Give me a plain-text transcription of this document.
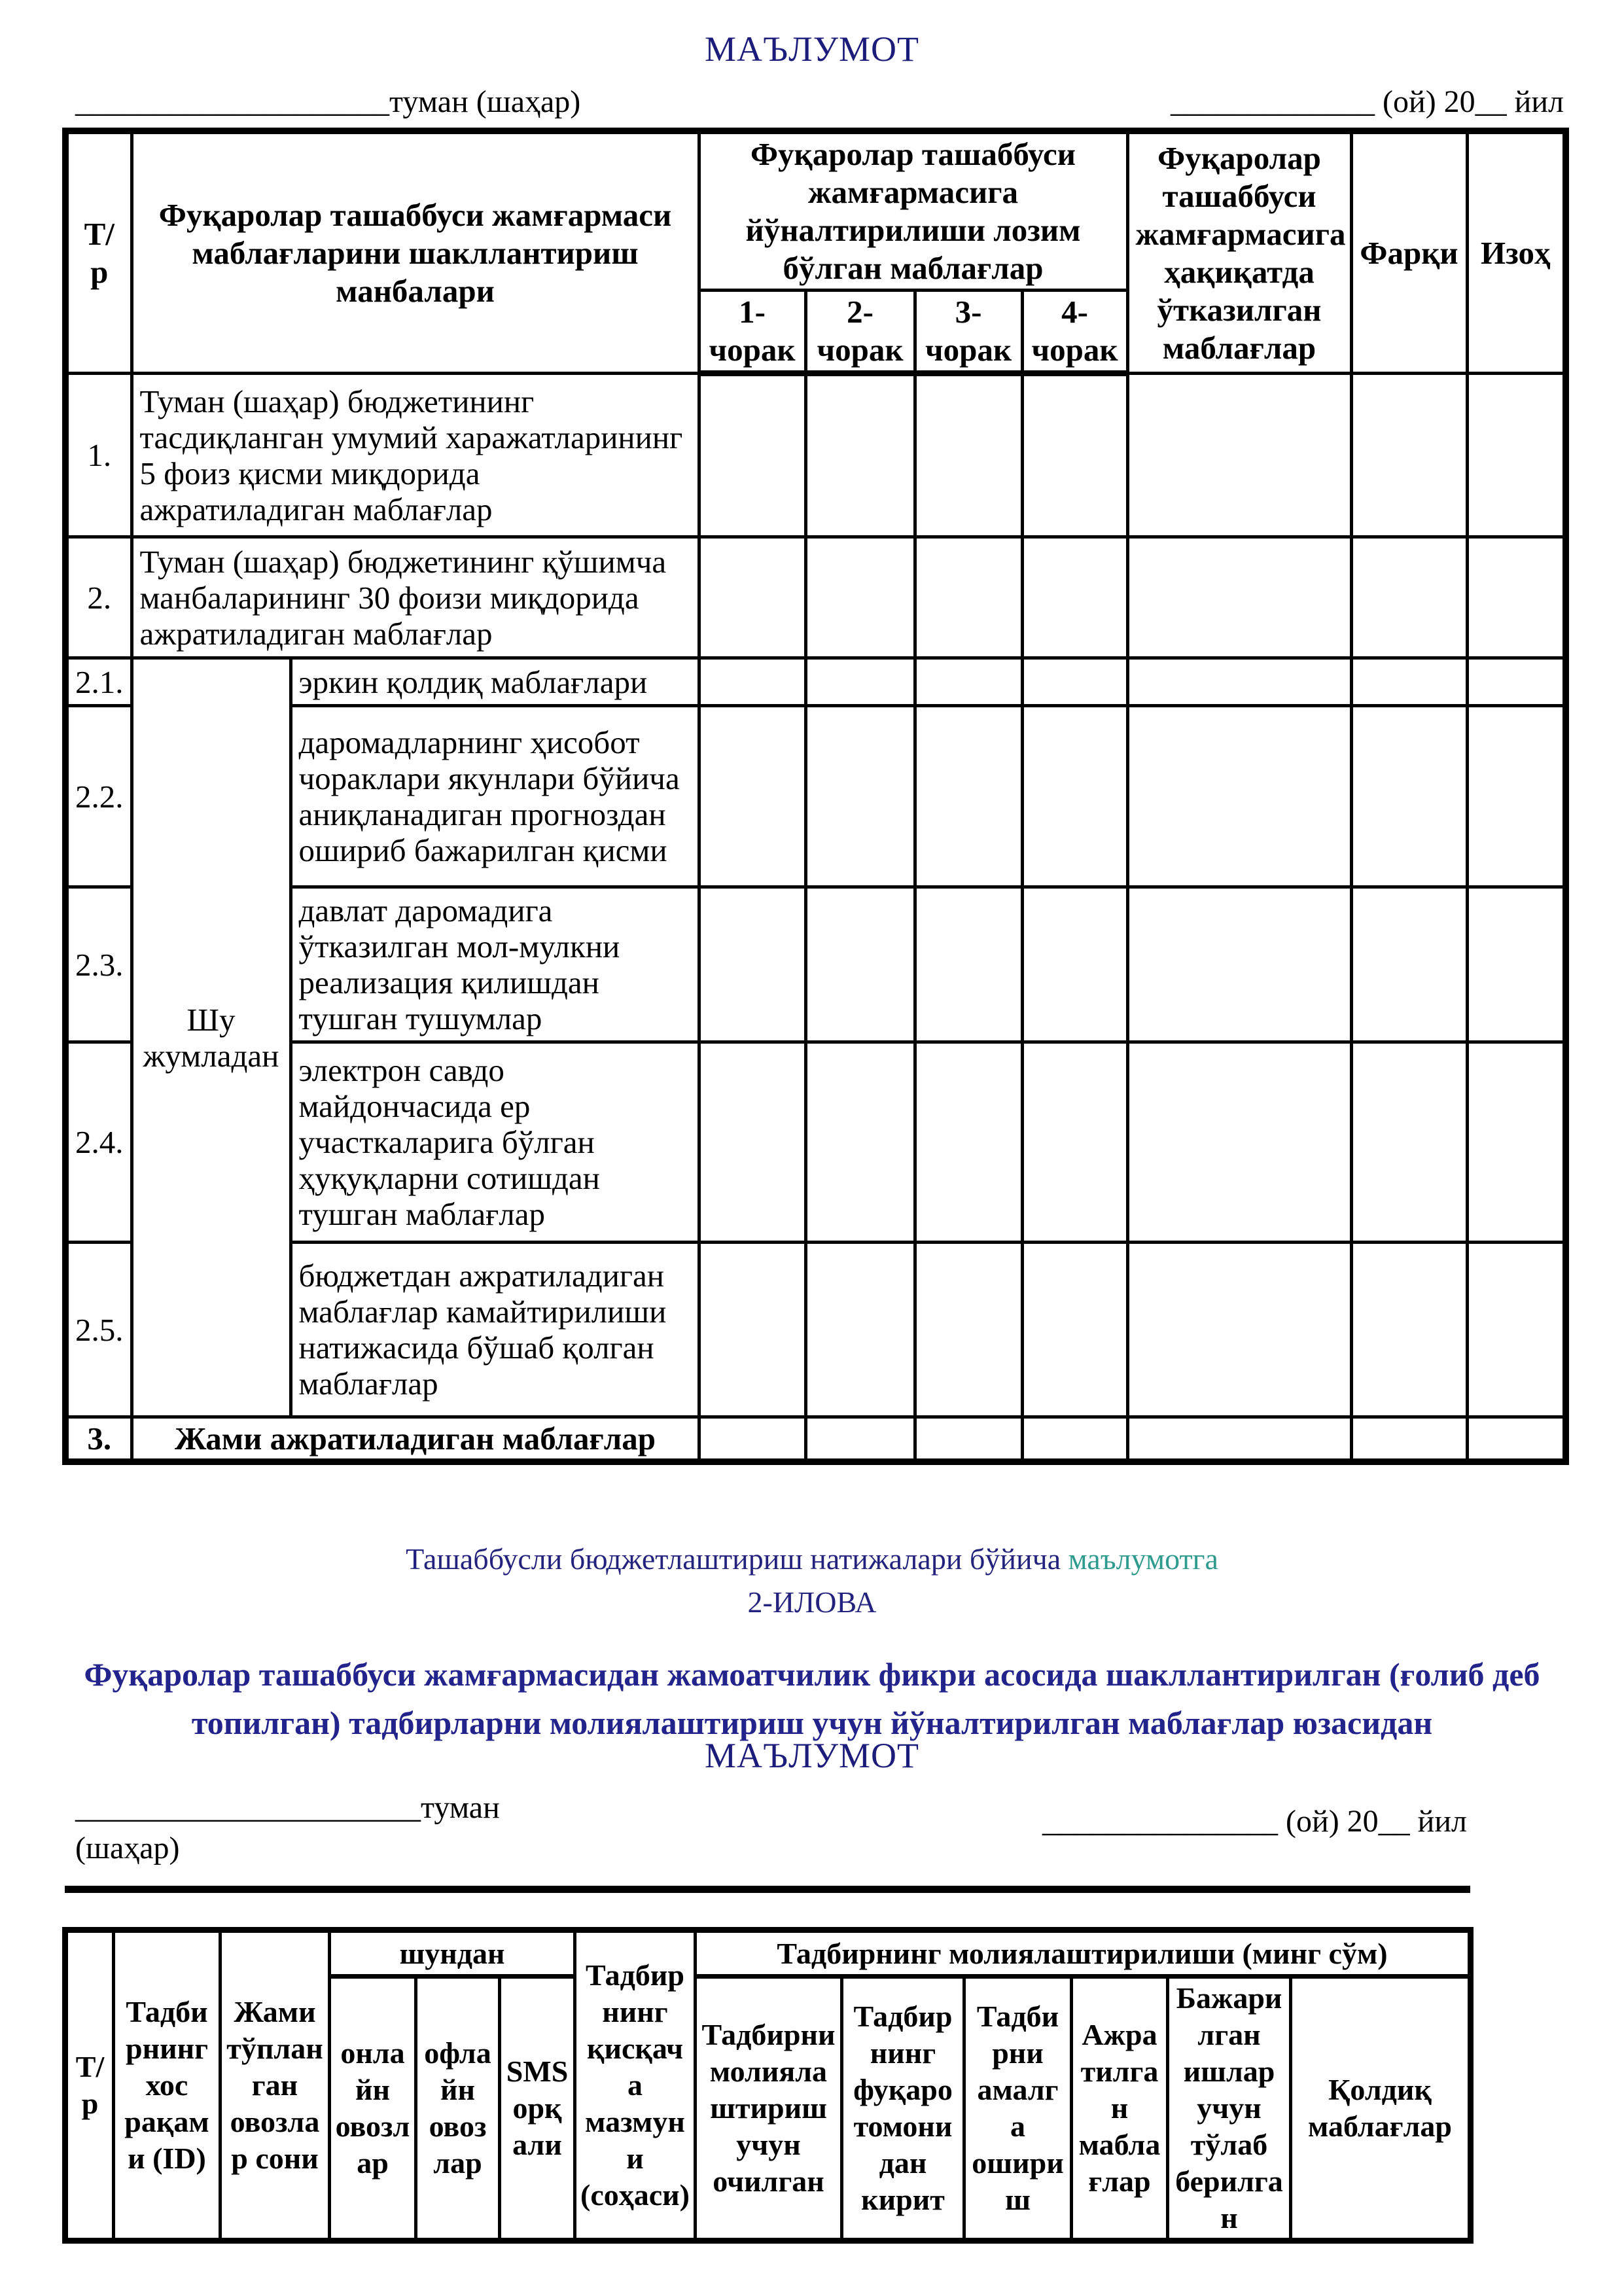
МАЪЛУМОТ
____________________туман (шаҳар)	_____________ (ой) 20__ йил
Т/р	Фуқаролар ташаббуси жамғармаси маблағларини шакллантириш манбалари		Фуқаролар ташаббуси жамғармасига йўналтирилиши лозим бўлган маблағлар				Фуқаролар ташаббуси жамғармасига ҳақиқатда ўтказилган маблағлар	Фарқи	Изоҳ
			1-чорак	2-чорак	3-чорак	4-чорак			
1.	Туман (шаҳар) бюджетининг тасдиқланган умумий харажатларининг 5 фоиз қисми миқдорида ажратиладиган маблағлар								
2.	Туман (шаҳар) бюджетининг қўшимча манбаларининг 30 фоизи миқдорида ажратиладиган маблағлар								
2.1.	Шу жумладан	эркин қолдиқ маблағлари							
2.2.		даромадларнинг ҳисобот чораклари якунлари бўйича аниқланадиган прогноздан ошириб бажарилган қисми							
2.3.		давлат даромадига ўтказилган мол-мулкни реализация қилишдан тушган тушумлар							
2.4.		электрон савдо майдончасида ер участкаларига бўлган ҳуқуқларни сотишдан тушган маблағлар							
2.5.		бюджетдан ажратиладиган маблағлар камайтирилиши натижасида бўшаб қолган маблағлар							
3.	Жами ажратиладиган маблағлар								
Ташаббусли бюджетлаштириш натижалари бўйича маълумотга
2-ИЛОВА
Фуқаролар ташаббуси жамғармасидан жамоатчилик фикри асосида шакллантирилган (ғолиб деб топилган) тадбирларни молиялаштириш учун йўналтирилган маблағлар юзасидан
МАЪЛУМОТ
______________________туман
(шаҳар)
_______________ (ой) 20__ йил
Т/р	Тадбирнинг хос рақами (ID)	Жами тўпланган овозлар сони	шундан			Тадбирнинг қисқача мазмуни (соҳаси)	Тадбирнинг молиялаштирилиши (минг сўм)					
			онлайн овозлар	офлайн овозлар	SMS орқали		Тадбирни молиялаштириш учун очилган	Тадбирнинг фуқаро томонидан кирит	Тадбирни амалга ошириш	Ажратилган маблағлар	Бажарилган ишлар учун тўлаб берилган	Қолдиқ маблағлар
